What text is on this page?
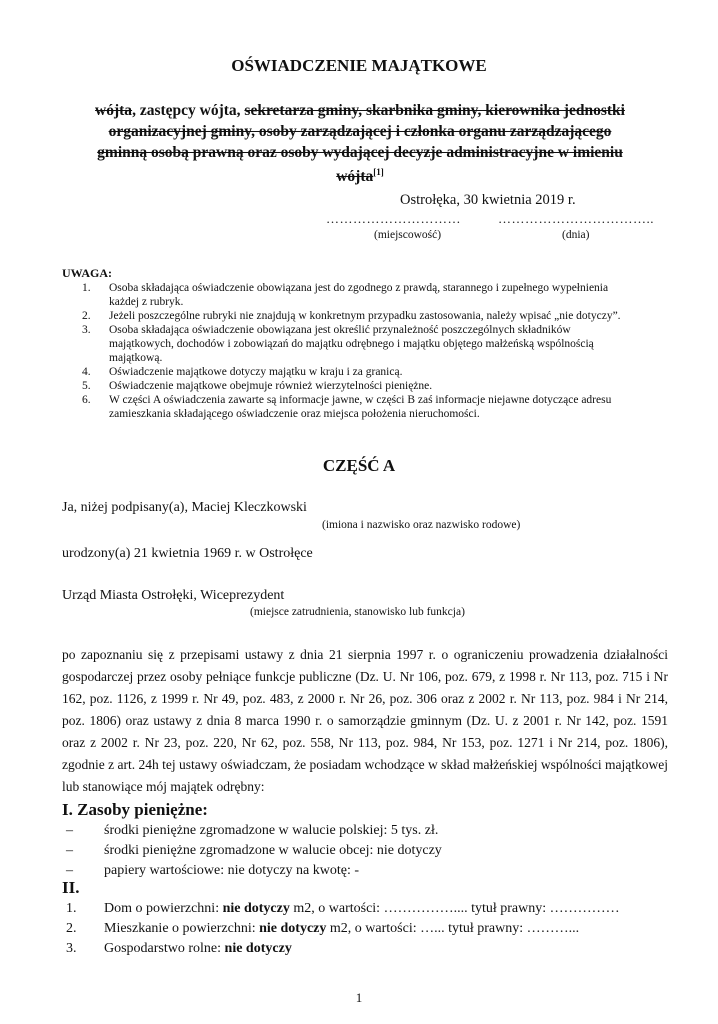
OŚWIADCZENIE MAJĄTKOWE
wójta, zastępcy wójta, sekretarza gminy, skarbnika gminy, kierownika jednostki
organizacyjnej gminy, osoby zarządzającej i członka organu zarządzającego
gminną osobą prawną oraz osoby wydającej decyzje administracyjne w imieniu
wójta[1]
Ostrołęka, 30 kwietnia 2019 r.
…………………………	……………………………..
(miejscowość)	(dnia)
UWAGA:
1. Osoba składająca oświadczenie obowiązana jest do zgodnego z prawdą, starannego i zupełnego wypełnienia
każdej z rubryk.
2. Jeżeli poszczególne rubryki nie znajdują w konkretnym przypadku zastosowania, należy wpisać „nie dotyczy”.
3. Osoba składająca oświadczenie obowiązana jest określić przynależność poszczególnych składników
majątkowych, dochodów i zobowiązań do majątku odrębnego i majątku objętego małżeńską wspólnością
majątkową.
4. Oświadczenie majątkowe dotyczy majątku w kraju i za granicą.
5. Oświadczenie majątkowe obejmuje również wierzytelności pieniężne.
6. W części A oświadczenia zawarte są informacje jawne, w części B zaś informacje niejawne dotyczące adresu
zamieszkania składającego oświadczenie oraz miejsca położenia nieruchomości.
CZĘŚĆ A
Ja, niżej podpisany(a), Maciej Kleczkowski
(imiona i nazwisko oraz nazwisko rodowe)
urodzony(a) 21 kwietnia 1969 r. w Ostrołęce
Urząd Miasta Ostrołęki, Wiceprezydent
(miejsce zatrudnienia, stanowisko lub funkcja)
po zapoznaniu się z przepisami ustawy z dnia 21 sierpnia 1997 r. o ograniczeniu prowadzenia działalności gospodarczej przez osoby pełniące funkcje publiczne (Dz. U. Nr 106, poz. 679, z 1998 r. Nr 113, poz. 715 i Nr 162, poz. 1126, z 1999 r. Nr 49, poz. 483, z 2000 r. Nr 26, poz. 306 oraz z 2002 r. Nr 113, poz. 984 i Nr 214, poz. 1806) oraz ustawy z dnia 8 marca 1990 r. o samorządzie gminnym (Dz. U. z 2001 r. Nr 142, poz. 1591 oraz z 2002 r. Nr 23, poz. 220, Nr 62, poz. 558, Nr 113, poz. 984, Nr 153, poz. 1271 i Nr 214, poz. 1806), zgodnie z art. 24h tej ustawy oświadczam, że posiadam wchodzące w skład małżeńskiej wspólności majątkowej lub stanowiące mój majątek odrębny:
I. Zasoby pieniężne:
– środki pieniężne zgromadzone w walucie polskiej: 5 tys. zł.
– środki pieniężne zgromadzone w walucie obcej: nie dotyczy
– papiery wartościowe: nie dotyczy na kwotę: -
II.
1. Dom o powierzchni: nie dotyczy m2, o wartości: …………….... tytuł prawny: ……………
2. Mieszkanie o powierzchni: nie dotyczy m2, o wartości: …... tytuł prawny: ………...
3. Gospodarstwo rolne: nie dotyczy
1
